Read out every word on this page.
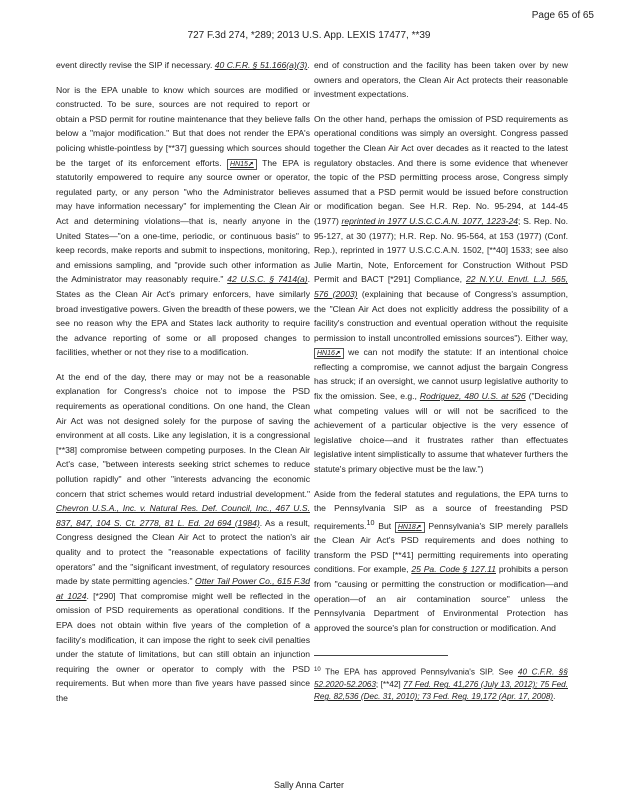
Page 65 of 65
727 F.3d 274, *289; 2013 U.S. App. LEXIS 17477, **39

event directly revise the SIP if necessary. 40 C.F.R. § 51.166(a)(3).

Nor is the EPA unable to know which sources are modified or constructed. To be sure, sources are not required to report or obtain a PSD permit for routine maintenance that they believe falls below a "major modification." But that does not render the EPA's policing whistle-pointless by [**37] guessing which sources should be the target of its enforcement efforts. HN15➚ The EPA is statutorily empowered to require any source owner or operator, regulated party, or any person "who the Administrator believes may have information necessary" for implementing the Clean Air Act and determining violations—that is, nearly anyone in the United States—"on a one-time, periodic, or continuous basis" to keep records, make reports and submit to inspections, monitoring, and emissions sampling, and "provide such other information as the Administrator may reasonably require." 42 U.S.C. § 7414(a). States as the Clean Air Act's primary enforcers, have similarly broad investigative powers. Given the breadth of these powers, we see no reason why the EPA and States lack authority to require the advance reporting of some or all proposed changes to facilities, whether or not they rise to a modification.

At the end of the day, there may or may not be a reasonable explanation for Congress's choice not to impose the PSD requirements as operational conditions. On one hand, the Clean Air Act was not designed solely for the purpose of saving the environment at all costs. Like any legislation, it is a congressional [**38] compromise between competing purposes. In the Clean Air Act's case, "between interests seeking strict schemes to reduce pollution rapidly" and other "interests advancing the economic concern that strict schemes would retard industrial development." Chevron U.S.A., Inc. v. Natural Res. Def. Council, Inc., 467 U.S. 837, 847, 104 S. Ct. 2778, 81 L. Ed. 2d 694 (1984). As a result, Congress designed the Clean Air Act to protect the nation's air quality and to protect the "reasonable expectations of facility operators" and the "significant investment, of regulatory resources made by state permitting agencies." Otter Tail Power Co., 615 F.3d at 1024. [*290] That compromise might well be reflected in the omission of PSD requirements as operational conditions. If the EPA does not obtain within five years of the completion of a facility's modification, it can impose the right to seek civil penalties under the statute of limitations, but can still obtain an injunction requiring the owner or operator to comply with the PSD requirements. But when more than five years have passed since the

end of construction and the facility has been taken over by new owners and operators, the Clean Air Act protects their reasonable investment expectations.

On the other hand, perhaps the omission of PSD requirements as operational conditions was simply an oversight. Congress passed together the Clean Air Act over decades as it reacted to the latest regulatory obstacles. And there is some evidence that whenever the topic of the PSD permitting process arose, Congress simply assumed that a PSD permit would be issued before construction or modification began. See H.R. Rep. No. 95-294, at 144-45 (1977) reprinted in 1977 U.S.C.C.A.N. 1077, 1223-24; S. Rep. No. 95-127, at 30 (1977); H.R. Rep. No. 95-564, at 153 (1977) (Conf. Rep.), reprinted in 1977 U.S.C.C.A.N. 1502, [**40] 1533; see also Julie Martin, Note, Enforcement for Construction Without PSD Permit and BACT [*291] Compliance, 22 N.Y.U. Envtl. L.J. 565, 576 (2003) (explaining that because of Congress's assumption, the "Clean Air Act does not explicitly address the possibility of a facility's construction and eventual operation without the requisite permission to install uncontrolled emissions sources"). Either way, HN16➚ we can not modify the statute: If an intentional choice reflecting a compromise, we cannot adjust the bargain Congress has struck; if an oversight, we cannot usurp legislative authority to fix the omission. See, e.g., Rodriguez, 480 U.S. at 526 ("Deciding what competing values will or will not be sacrificed to the achievement of a particular objective is the very essence of legislative choice—and it frustrates rather than effectuates legislative intent simplistically to assume that whatever furthers the statute's primary objective must be the law.")

Aside from the federal statutes and regulations, the EPA turns to the Pennsylvania SIP as a source of freestanding PSD requirements.$^{10}$ But HN18➚ Pennsylvania's SIP merely parallels the Clean Air Act's PSD requirements and does nothing to transform the PSD [**41] permitting requirements into operating conditions. For example, 25 Pa. Code § 127.11 prohibits a person from "causing or permitting the construction or modification—and operation—of an air contamination source" unless the Pennsylvania Department of Environmental Protection has approved the source's plan for construction or modification. And

$^{10}$ The EPA has approved Pennsylvania's SIP. See 40 C.F.R. §§ 52.2020-52.2063; [**42] 77 Fed. Reg. 41,276 (July 13, 2012); 75 Fed. Reg. 82,536 (Dec. 31, 2010); 73 Fed. Reg. 19,172 (Apr. 17, 2008).
Sally Anna Carter
